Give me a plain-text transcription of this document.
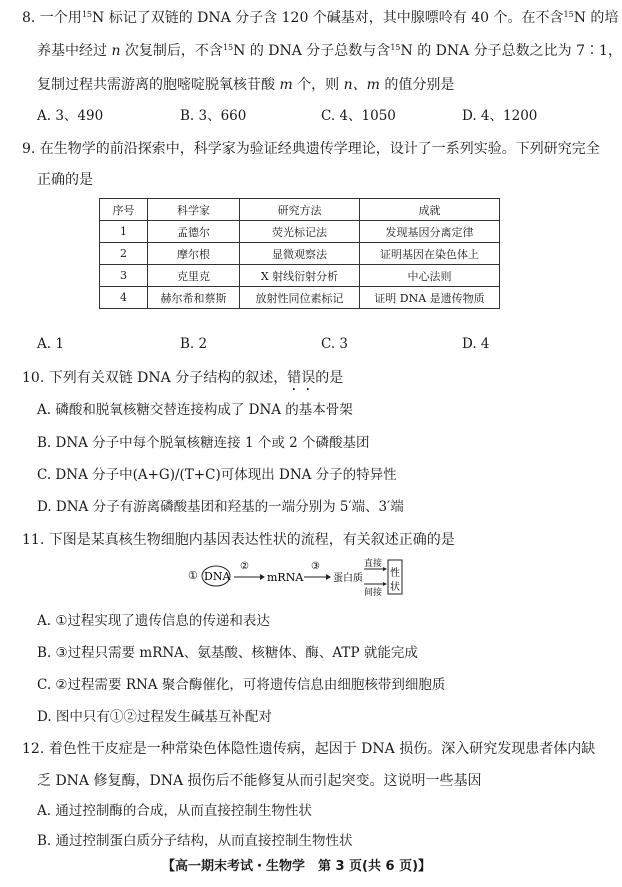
8. 一个用$^{15}$N 标记了双链的 DNA 分子含 120 个碱基对，其中腺嘌呤有 40 个。在不含$^{15}$N 的培
养基中经过 n 次复制后，不含$^{15}$N 的 DNA 分子总数与含$^{15}$N 的 DNA 分子总数之比为 7∶1，
复制过程共需游离的胞嘧啶脱氧核苷酸 m 个，则 n、m 的值分别是
A. 3、490	B. 3、660	C. 4、1050	D. 4、1200
9. 在生物学的前沿探索中，科学家为验证经典遗传学理论，设计了一系列实验。下列研究完全
正确的是
序号	科学家	研究方法	成就
1	孟德尔	荧光标记法	发现基因分离定律
2	摩尔根	显微观察法	证明基因在染色体上
3	克里克	X 射线衍射分析	中心法则
4	赫尔希和蔡斯	放射性同位素标记	证明 DNA 是遗传物质
A. 1	B. 2	C. 3	D. 4
10. 下列有关双链 DNA 分子结构的叙述，错误的是
A. 磷酸和脱氧核糖交替连接构成了 DNA 的基本骨架
B. DNA 分子中每个脱氧核糖连接 1 个或 2 个磷酸基团
C. DNA 分子中(A+G)/(T+C)可体现出 DNA 分子的特异性
D. DNA 分子有游离磷酸基团和羟基的一端分别为 5′端、3′端
11. 下图是某真核生物细胞内基因表达性状的流程，有关叙述正确的是
① DNA
②
mRNA
③
蛋白质
直接
间接
性
状
A. ①过程实现了遗传信息的传递和表达
B. ③过程只需要 mRNA、氨基酸、核糖体、酶、ATP 就能完成
C. ②过程需要 RNA 聚合酶催化，可将遗传信息由细胞核带到细胞质
D. 图中只有①②过程发生碱基互补配对
12. 着色性干皮症是一种常染色体隐性遗传病，起因于 DNA 损伤。深入研究发现患者体内缺
乏 DNA 修复酶，DNA 损伤后不能修复从而引起突变。这说明一些基因
A. 通过控制酶的合成，从而直接控制生物性状
B. 通过控制蛋白质分子结构，从而直接控制生物性状
【高一期末考试・生物学　第 3 页(共 6 页)】
